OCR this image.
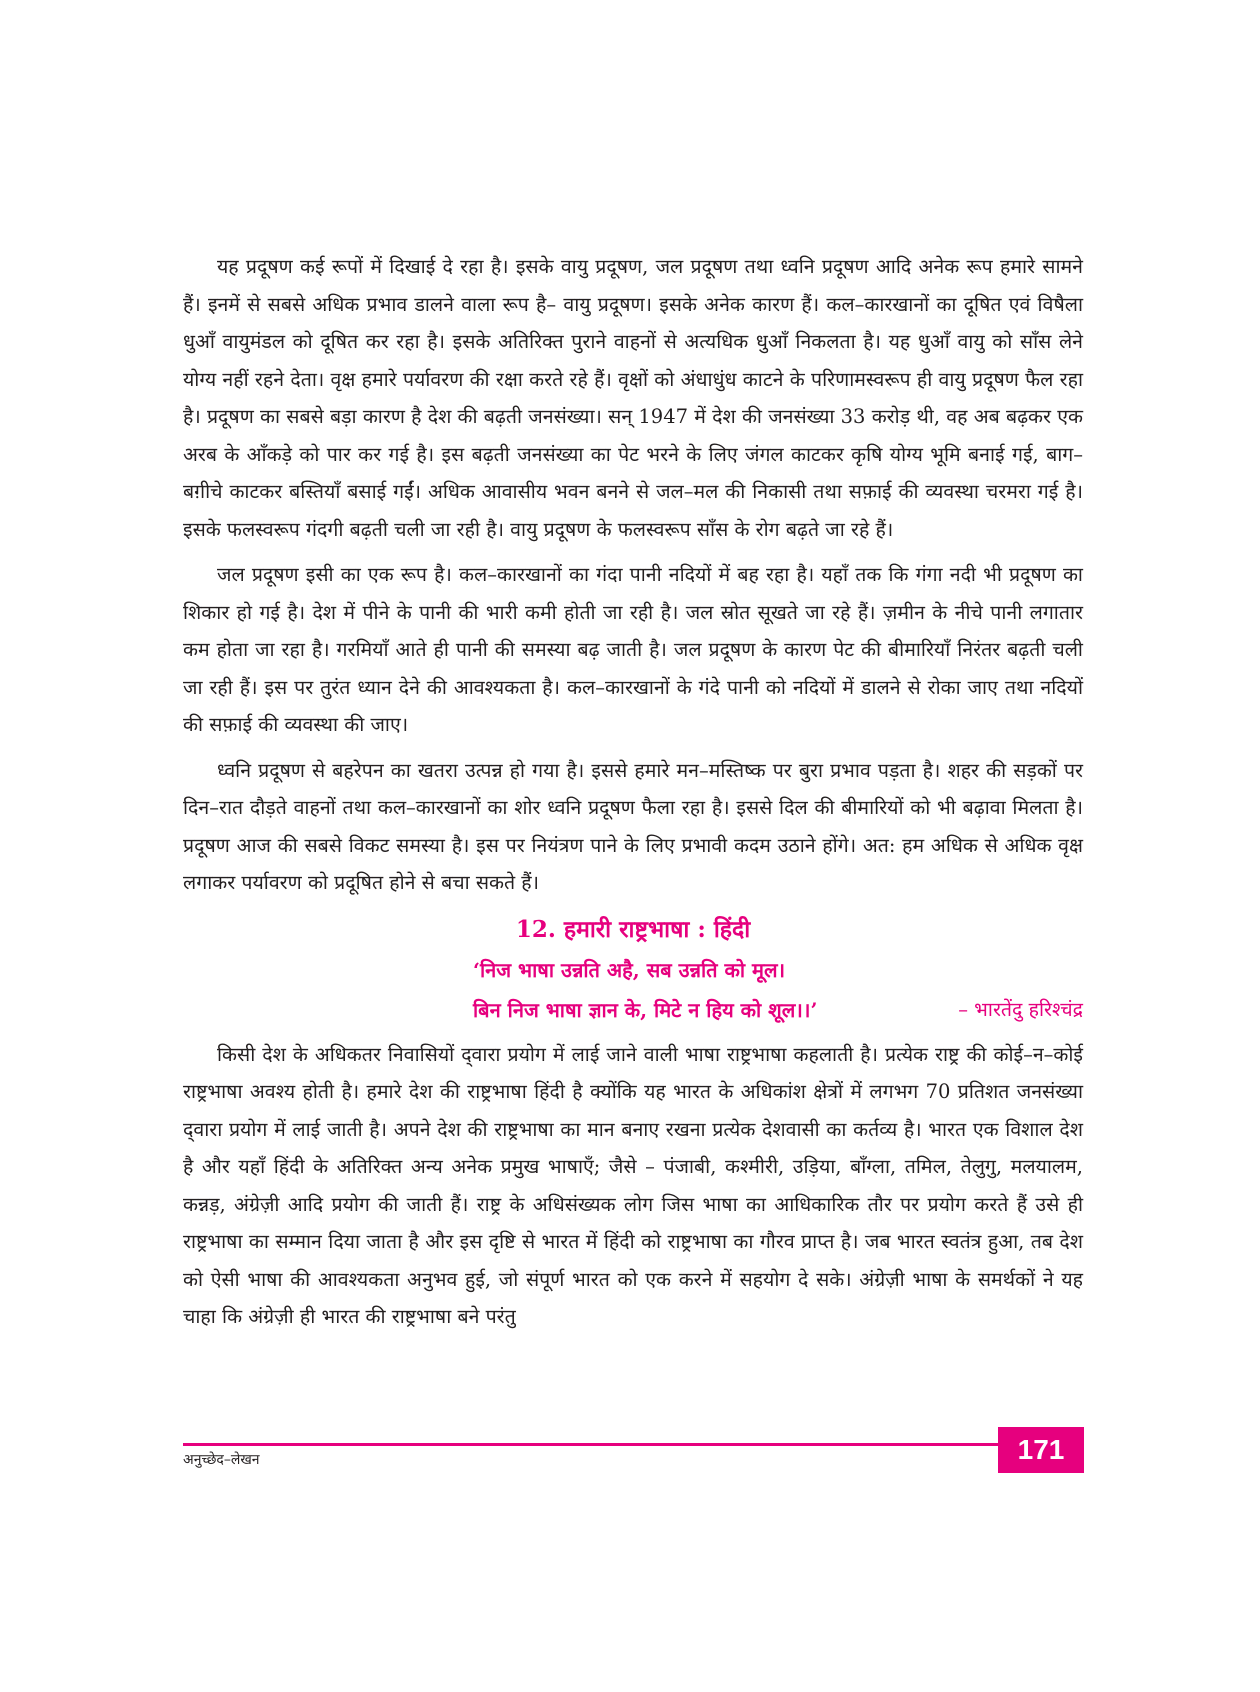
यह प्रदूषण कई रूपों में दिखाई दे रहा है। इसके वायु प्रदूषण, जल प्रदूषण तथा ध्वनि प्रदूषण आदि अनेक रूप हमारे सामने हैं। इनमें से सबसे अधिक प्रभाव डालने वाला रूप है– वायु प्रदूषण। इसके अनेक कारण हैं। कल–कारखानों का दूषित एवं विषैला धुआँ वायुमंडल को दूषित कर रहा है। इसके अतिरिक्त पुराने वाहनों से अत्यधिक धुआँ निकलता है। यह धुआँ वायु को साँस लेने योग्य नहीं रहने देता। वृक्ष हमारे पर्यावरण की रक्षा करते रहे हैं। वृक्षों को अंधाधुंध काटने के परिणामस्वरूप ही वायु प्रदूषण फैल रहा है। प्रदूषण का सबसे बड़ा कारण है देश की बढ़ती जनसंख्या। सन् 1947 में देश की जनसंख्या 33 करोड़ थी, वह अब बढ़कर एक अरब के आँकड़े को पार कर गई है। इस बढ़ती जनसंख्या का पेट भरने के लिए जंगल काटकर कृषि योग्य भूमि बनाई गई, बाग–बग़ीचे काटकर बस्तियाँ बसाई गईं। अधिक आवासीय भवन बनने से जल–मल की निकासी तथा सफ़ाई की व्यवस्था चरमरा गई है। इसके फलस्वरूप गंदगी बढ़ती चली जा रही है। वायु प्रदूषण के फलस्वरूप साँस के रोग बढ़ते जा रहे हैं।

जल प्रदूषण इसी का एक रूप है। कल–कारखानों का गंदा पानी नदियों में बह रहा है। यहाँ तक कि गंगा नदी भी प्रदूषण का शिकार हो गई है। देश में पीने के पानी की भारी कमी होती जा रही है। जल स्रोत सूखते जा रहे हैं। ज़मीन के नीचे पानी लगातार कम होता जा रहा है। गरमियाँ आते ही पानी की समस्या बढ़ जाती है। जल प्रदूषण के कारण पेट की बीमारियाँ निरंतर बढ़ती चली जा रही हैं। इस पर तुरंत ध्यान देने की आवश्यकता है। कल–कारखानों के गंदे पानी को नदियों में डालने से रोका जाए तथा नदियों की सफ़ाई की व्यवस्था की जाए।

ध्वनि प्रदूषण से बहरेपन का खतरा उत्पन्न हो गया है। इससे हमारे मन–मस्तिष्क पर बुरा प्रभाव पड़ता है। शहर की सड़कों पर दिन–रात दौड़ते वाहनों तथा कल–कारखानों का शोर ध्वनि प्रदूषण फैला रहा है। इससे दिल की बीमारियों को भी बढ़ावा मिलता है। प्रदूषण आज की सबसे विकट समस्या है। इस पर नियंत्रण पाने के लिए प्रभावी कदम उठाने होंगे। अत: हम अधिक से अधिक वृक्ष लगाकर पर्यावरण को प्रदूषित होने से बचा सकते हैं।

12. हमारी राष्ट्रभाषा : हिंदी
‘निज भाषा उन्नति अहै, सब उन्नति को मूल।
बिन निज भाषा ज्ञान के, मिटे न हिय को शूल।।’	– भारतेंदु हरिश्चंद्र

किसी देश के अधिकतर निवासियों द्‌वारा प्रयोग में लाई जाने वाली भाषा राष्ट्रभाषा कहलाती है। प्रत्येक राष्ट्र की कोई–न–कोई राष्ट्रभाषा अवश्य होती है। हमारे देश की राष्ट्रभाषा हिंदी है क्योंकि यह भारत के अधिकांश क्षेत्रों में लगभग 70 प्रतिशत जनसंख्या द्‌वारा प्रयोग में लाई जाती है। अपने देश की राष्ट्रभाषा का मान बनाए रखना प्रत्येक देशवासी का कर्तव्य है। भारत एक विशाल देश है और यहाँ हिंदी के अतिरिक्त अन्य अनेक प्रमुख भाषाएँ; जैसे – पंजाबी, कश्मीरी, उड़िया, बाँग्ला, तमिल, तेलुगु, मलयालम, कन्नड़, अंग्रेज़ी आदि प्रयोग की जाती हैं। राष्ट्र के अधिसंख्यक लोग जिस भाषा का आधिकारिक तौर पर प्रयोग करते हैं उसे ही राष्ट्रभाषा का सम्मान दिया जाता है और इस दृष्टि से भारत में हिंदी को राष्ट्रभाषा का गौरव प्राप्त है। जब भारत स्वतंत्र हुआ, तब देश को ऐसी भाषा की आवश्यकता अनुभव हुई, जो संपूर्ण भारत को एक करने में सहयोग दे सके। अंग्रेज़ी भाषा के समर्थकों ने यह चाहा कि अंग्रेज़ी ही भारत की राष्ट्रभाषा बने परंतु

अनुच्छेद–लेखन	171
